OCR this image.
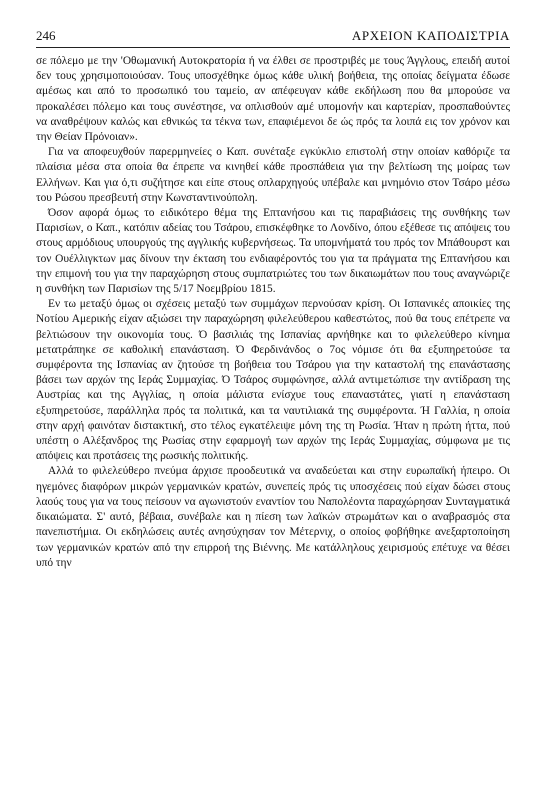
246	ΑΡΧΕΙΟΝ ΚΑΠΟΔΙΣΤΡΙΑ

σε πόλεμο με την 'Οθωμανική Αυτοκρατορία ή να έλθει σε προστριβές με τους Άγγλους, επειδή αυτοί δεν τους χρησιμοποιούσαν. Τους υποσχέθηκε όμως κάθε υλική βοήθεια, της οποίας δείγματα έδωσε αμέσως και από το προσωπικό του ταμείο, αν απέφευγαν κάθε εκδήλωση που θα μπορούσε να προκαλέσει πόλεμο και τους συνέστησε, να οπλισθούν αμέ υπομονήν και καρτερίαν, προσπαθούντες να αναθρέψουν καλώς και εθνικώς τα τέκνα των, επαφιέμενοι δε ώς πρός τα λοιπά εις τον χρόνον και την Θείαν Πρόνοιαν».

Για να αποφευχθούν παρερμηνείες ο Καπ. συνέταξε εγκύκλιο επιστολή στην οποίαν καθόριζε τα πλαίσια μέσα στα οποία θα έπρεπε να κινηθεί κάθε προσπάθεια για την βελτίωση της μοίρας των Ελλήνων. Και για ό,τι συζήτησε και είπε στους οπλαρχηγούς υπέβαλε και μνημόνιο στον Τσάρο μέσω του Ρώσου πρεσβευτή στην Κωνσταντινούπολη.

Όσον αφορά όμως το ειδικότερο θέμα της Επτανήσου και τις παραβιάσεις της συνθήκης των Παρισίων, ο Καπ., κατόπιν αδείας του Τσάρου, επισκέφθηκε το Λονδίνο, όπου εξέθεσε τις απόψεις του στους αρμόδιους υπουργούς της αγγλικής κυβερνήσεως. Τα υπομνήματά του πρός τον Μπάθουρστ και τον Ουέλλιγκτων μας δίνουν την έκταση του ενδιαφέροντός του για τα πράγματα της Επτανήσου και την επιμονή του για την παραχώρηση στους συμπατριώτες του των δικαιωμάτων που τους αναγνώριζε η συνθήκη των Παρισίων της 5/17 Νοεμβρίου 1815.

Εν τω μεταξύ όμως οι σχέσεις μεταξύ των συμμάχων περνούσαν κρίση. Οι Ισπανικές αποικίες της Νοτίου Αμερικής είχαν αξιώσει την παραχώρηση φιλελεύθερου καθεστώτος, πού θα τους επέτρεπε να βελτιώσουν την οικονομία τους. Ό βασιλιάς της Ισπανίας αρνήθηκε και το φιλελεύθερο κίνημα μετατράπηκε σε καθολική επανάσταση. Ό Φερδινάνδος ο 7ος νόμισε ότι θα εξυπηρετούσε τα συμφέροντα της Ισπανίας αν ζητούσε τη βοήθεια του Τσάρου για την καταστολή της επανάστασης βάσει των αρχών της Ιεράς Συμμαχίας. Ό Τσάρος συμφώνησε, αλλά αντιμετώπισε την αντίδραση της Αυστρίας και της Αγγλίας, η οποία μάλιστα ενίσχυε τους επαναστάτες, γιατί η επανάσταση εξυπηρετούσε, παράλληλα πρός τα πολιτικά, και τα ναυτιλιακά της συμφέροντα. Ή Γαλλία, η οποία στην αρχή φαινόταν διστακτική, στο τέλος εγκατέλειψε μόνη της τη Ρωσία. Ήταν η πρώτη ήττα, πού υπέστη ο Αλέξανδρος της Ρωσίας στην εφαρμογή των αρχών της Ιεράς Συμμαχίας, σύμφωνα με τις απόψεις και προτάσεις της ρωσικής πολιτικής.

Αλλά το φιλελεύθερο πνεύμα άρχισε προοδευτικά να αναδεύεται και στην ευρωπαϊκή ήπειρο. Οι ηγεμόνες διαφόρων μικρών γερμανικών κρατών, συνεπείς πρός τις υποσχέσεις πού είχαν δώσει στους λαούς τους για να τους πείσουν να αγωνιστούν εναντίον του Ναπολέοντα παραχώρησαν Συνταγματικά δικαιώματα. Σ' αυτό, βέβαια, συνέβαλε και η πίεση των λαϊκών στρωμάτων και ο αναβρασμός στα πανεπιστήμια. Οι εκδηλώσεις αυτές ανησύχησαν τον Μέτερνιχ, ο οποίος φοβήθηκε ανεξαρτοποίηση των γερμανικών κρατών από την επιρροή της Βιέννης. Με κατάλληλους χειρισμούς επέτυχε να θέσει υπό την
